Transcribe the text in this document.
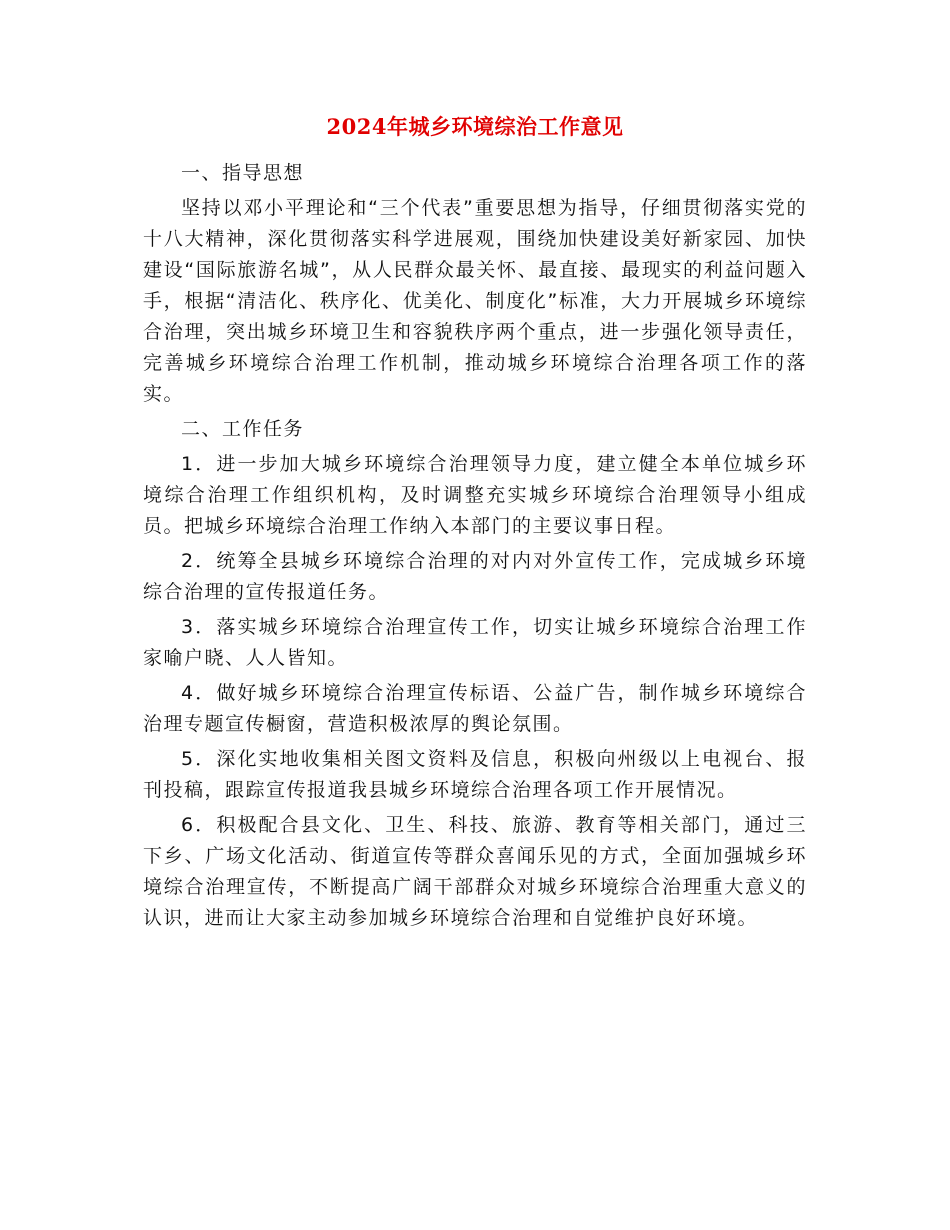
2024年城乡环境综治工作意见
一、指导思想

坚持以邓小平理论和“三个代表”重要思想为指导，仔细贯彻落实党的十八大精神，深化贯彻落实科学进展观，围绕加快建设美好新家园、加快建设“国际旅游名城”，从人民群众最关怀、最直接、最现实的利益问题入手，根据“清洁化、秩序化、优美化、制度化”标准，大力开展城乡环境综合治理，突出城乡环境卫生和容貌秩序两个重点，进一步强化领导责任，完善城乡环境综合治理工作机制，推动城乡环境综合治理各项工作的落实。

二、工作任务

1．进一步加大城乡环境综合治理领导力度，建立健全本单位城乡环境综合治理工作组织机构，及时调整充实城乡环境综合治理领导小组成员。把城乡环境综合治理工作纳入本部门的主要议事日程。

2．统筹全县城乡环境综合治理的对内对外宣传工作，完成城乡环境综合治理的宣传报道任务。

3．落实城乡环境综合治理宣传工作，切实让城乡环境综合治理工作家喻户晓、人人皆知。

4．做好城乡环境综合治理宣传标语、公益广告，制作城乡环境综合治理专题宣传橱窗，营造积极浓厚的舆论氛围。

5．深化实地收集相关图文资料及信息，积极向州级以上电视台、报刊投稿，跟踪宣传报道我县城乡环境综合治理各项工作开展情况。

6．积极配合县文化、卫生、科技、旅游、教育等相关部门，通过三下乡、广场文化活动、街道宣传等群众喜闻乐见的方式，全面加强城乡环境综合治理宣传，不断提高广阔干部群众对城乡环境综合治理重大意义的认识，进而让大家主动参加城乡环境综合治理和自觉维护良好环境。
